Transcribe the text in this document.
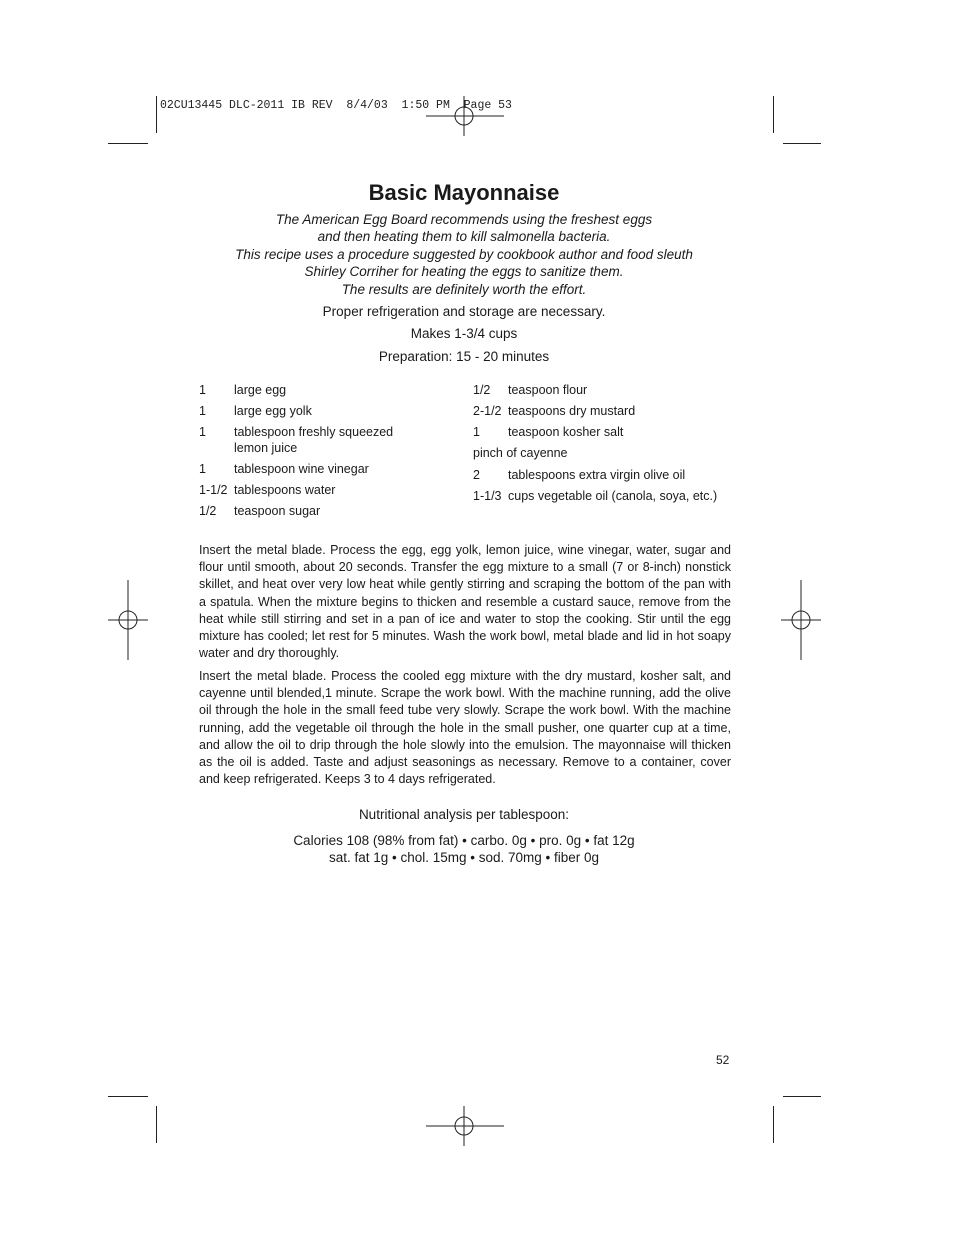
02CU13445 DLC-2011 IB REV  8/4/03  1:50 PM  Page 53
Basic Mayonnaise
The American Egg Board recommends using the freshest eggs
and then heating them to kill salmonella bacteria.
This recipe uses a procedure suggested by cookbook author and food sleuth
Shirley Corriher for heating the eggs to sanitize them.
The results are definitely worth the effort.
Proper refrigeration and storage are necessary.
Makes 1-3/4 cups
Preparation: 15 - 20 minutes
1	large egg
1	large egg yolk
1	tablespoon freshly squeezed lemon juice
1	tablespoon wine vinegar
1-1/2 tablespoons water
1/2	teaspoon sugar
1/2	teaspoon flour
2-1/2 teaspoons dry mustard
1	teaspoon kosher salt
pinch of cayenne
2	tablespoons extra virgin olive oil
1-1/3 cups vegetable oil (canola, soya, etc.)
Insert the metal blade. Process the egg, egg yolk, lemon juice, wine vinegar, water, sugar and flour until smooth, about 20 seconds. Transfer the egg mixture to a small (7 or 8-inch) nonstick skillet, and heat over very low heat while gently stirring and scraping the bottom of the pan with a spatula. When the mixture begins to thicken and resemble a custard sauce, remove from the heat while still stirring and set in a pan of ice and water to stop the cooking. Stir until the egg mixture has cooled; let rest for 5 minutes. Wash the work bowl, metal blade and lid in hot soapy water and dry thoroughly.
Insert the metal blade. Process the cooled egg mixture with the dry mustard, kosher salt, and cayenne until blended,1 minute. Scrape the work bowl. With the machine running, add the olive oil through the hole in the small feed tube very slowly. Scrape the work bowl. With the machine running, add the vegetable oil through the hole in the small pusher, one quarter cup at a time, and allow the oil to drip through the hole slowly into the emulsion. The mayonnaise will thicken as the oil is added. Taste and adjust seasonings as necessary. Remove to a container, cover and keep refrigerated. Keeps 3 to 4 days refrigerated.
Nutritional analysis per tablespoon:
Calories 108 (98% from fat) • carbo. 0g • pro. 0g • fat 12g
sat. fat 1g • chol. 15mg • sod. 70mg • fiber 0g
52
